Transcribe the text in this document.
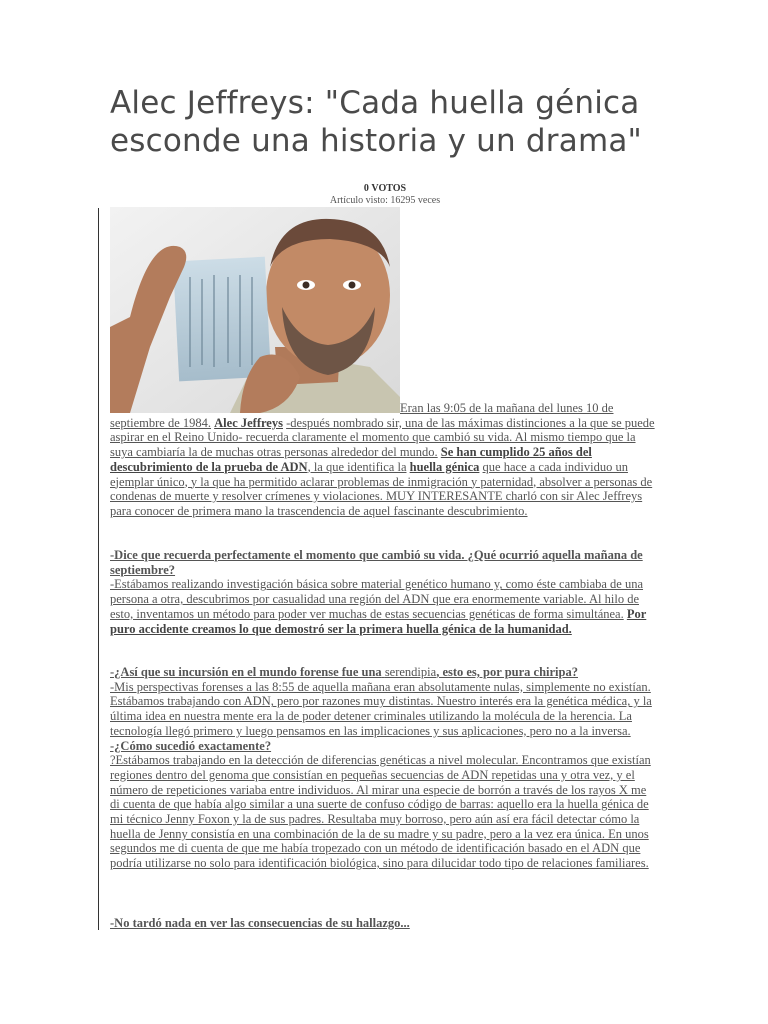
Alec Jeffreys: "Cada huella génica esconde una historia y un drama"
0 VOTOS
Artículo visto: 16295 veces

Eran las 9:05 de la mañana del lunes 10 de septiembre de 1984. Alec Jeffreys -después nombrado sir, una de las máximas distinciones a la que se puede aspirar en el Reino Unido- recuerda claramente el momento que cambió su vida. Al mismo tiempo que la suya cambiaría la de muchas otras personas alrededor del mundo. Se han cumplido 25 años del descubrimiento de la prueba de ADN, la que identifica la huella génica que hace a cada individuo un ejemplar único, y la que ha permitido aclarar problemas de inmigración y paternidad, absolver a personas de condenas de muerte y resolver crímenes y violaciones. MUY INTERESANTE charló con sir Alec Jeffreys para conocer de primera mano la trascendencia de aquel fascinante descubrimiento.

-Dice que recuerda perfectamente el momento que cambió su vida. ¿Qué ocurrió aquella mañana de septiembre?

-Estábamos realizando investigación básica sobre material genético humano y, como éste cambiaba de una persona a otra, descubrimos por casualidad una región del ADN que era enormemente variable. Al hilo de esto, inventamos un método para poder ver muchas de estas secuencias genéticas de forma simultánea. Por puro accidente creamos lo que demostró ser la primera huella génica de la humanidad.

-¿Así que su incursión en el mundo forense fue una serendipia, esto es, por pura chiripa?

-Mis perspectivas forenses a las 8:55 de aquella mañana eran absolutamente nulas, simplemente no existían. Estábamos trabajando con ADN, pero por razones muy distintas. Nuestro interés era la genética médica, y la última idea en nuestra mente era la de poder detener criminales utilizando la molécula de la herencia. La tecnología llegó primero y luego pensamos en las implicaciones y sus aplicaciones, pero no a la inversa.

-¿Cómo sucedió exactamente?

?Estábamos trabajando en la detección de diferencias genéticas a nivel molecular. Encontramos que existían regiones dentro del genoma que consistían en pequeñas secuencias de ADN repetidas una y otra vez, y el número de repeticiones variaba entre individuos. Al mirar una especie de borrón a través de los rayos X me di cuenta de que había algo similar a una suerte de confuso código de barras: aquello era la huella génica de mi técnico Jenny Foxon y la de sus padres. Resultaba muy borroso, pero aún así era fácil detectar cómo la huella de Jenny consistía en una combinación de la de su madre y su padre, pero a la vez era única. En unos segundos me di cuenta de que me había tropezado con un método de identificación basado en el ADN que podría utilizarse no solo para identificación biológica, sino para dilucidar todo tipo de relaciones familiares.

-No tardó nada en ver las consecuencias de su hallazgo...
